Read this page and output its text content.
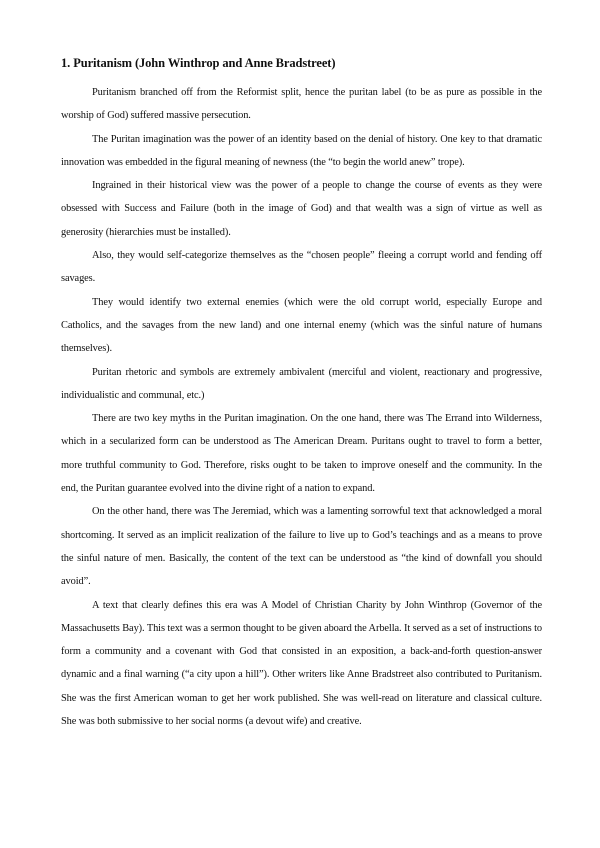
1. Puritanism (John Winthrop and Anne Bradstreet)

Puritanism branched off from the Reformist split, hence the puritan label (to be as pure as possible in the worship of God) suffered massive persecution.

The Puritan imagination was the power of an identity based on the denial of history. One key to that dramatic innovation was embedded in the figural meaning of newness (the “to begin the world anew” trope).

Ingrained in their historical view was the power of a people to change the course of events as they were obsessed with Success and Failure (both in the image of God) and that wealth was a sign of virtue as well as generosity (hierarchies must be installed).

Also, they would self-categorize themselves as the “chosen people” fleeing a corrupt world and fending off savages.

They would identify two external enemies (which were the old corrupt world, especially Europe and Catholics, and the savages from the new land) and one internal enemy (which was the sinful nature of humans themselves).

Puritan rhetoric and symbols are extremely ambivalent (merciful and violent, reactionary and progressive, individualistic and communal, etc.)

There are two key myths in the Puritan imagination. On the one hand, there was The Errand into Wilderness, which in a secularized form can be understood as The American Dream. Puritans ought to travel to form a better, more truthful community to God. Therefore, risks ought to be taken to improve oneself and the community. In the end, the Puritan guarantee evolved into the divine right of a nation to expand.

On the other hand, there was The Jeremiad, which was a lamenting sorrowful text that acknowledged a moral shortcoming. It served as an implicit realization of the failure to live up to God’s teachings and as a means to prove the sinful nature of men. Basically, the content of the text can be understood as “the kind of downfall you should avoid”.

A text that clearly defines this era was A Model of Christian Charity by John Winthrop (Governor of the Massachusetts Bay). This text was a sermon thought to be given aboard the Arbella. It served as a set of instructions to form a community and a covenant with God that consisted in an exposition, a back-and-forth question-answer dynamic and a final warning (“a city upon a hill”). Other writers like Anne Bradstreet also contributed to Puritanism. She was the first American woman to get her work published. She was well-read on literature and classical culture. She was both submissive to her social norms (a devout wife) and creative.
